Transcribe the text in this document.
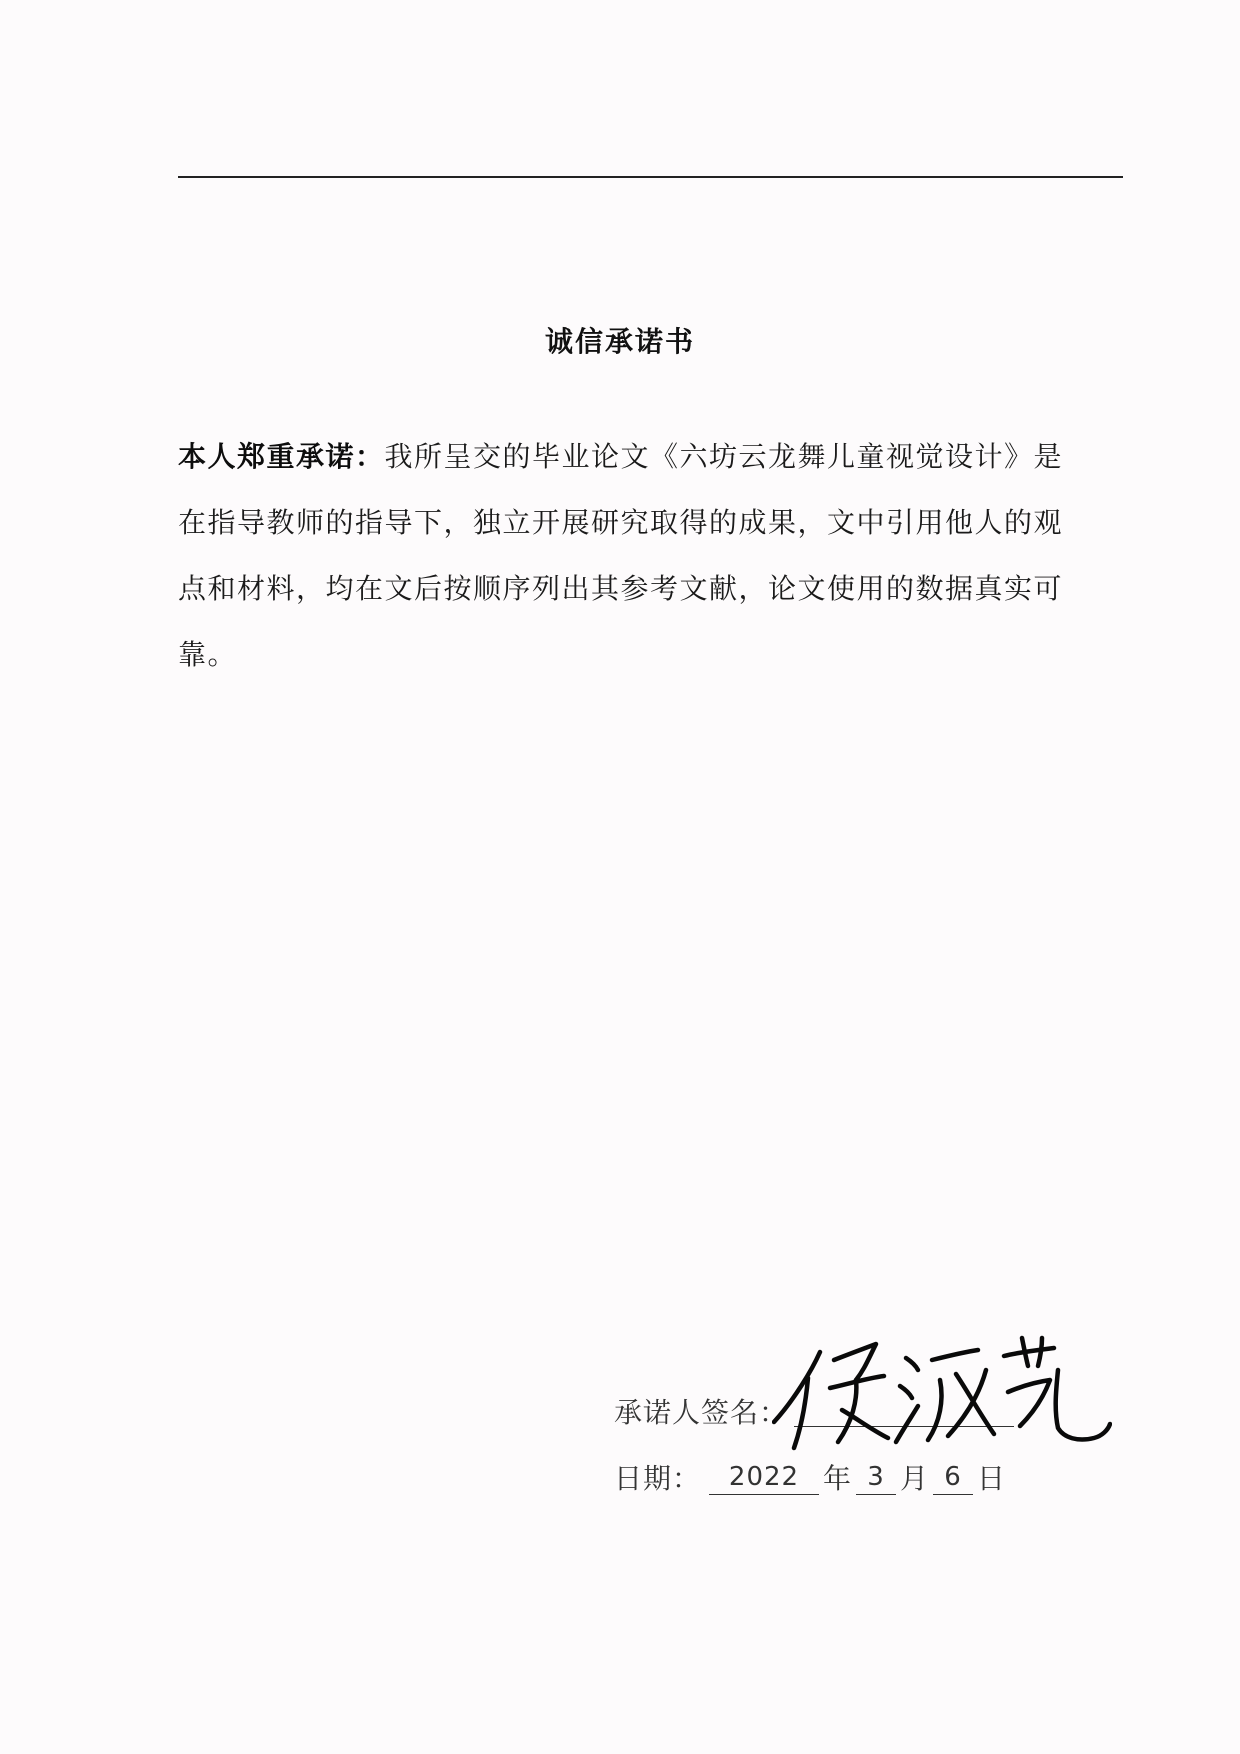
诚信承诺书
本人郑重承诺：我所呈交的毕业论文《六坊云龙舞儿童视觉设计》是在指导教师的指导下，独立开展研究取得的成果，文中引用他人的观点和材料，均在文后按顺序列出其参考文献，论文使用的数据真实可靠。
承诺人签名：
日期：	2022 年 3 月 6 日
